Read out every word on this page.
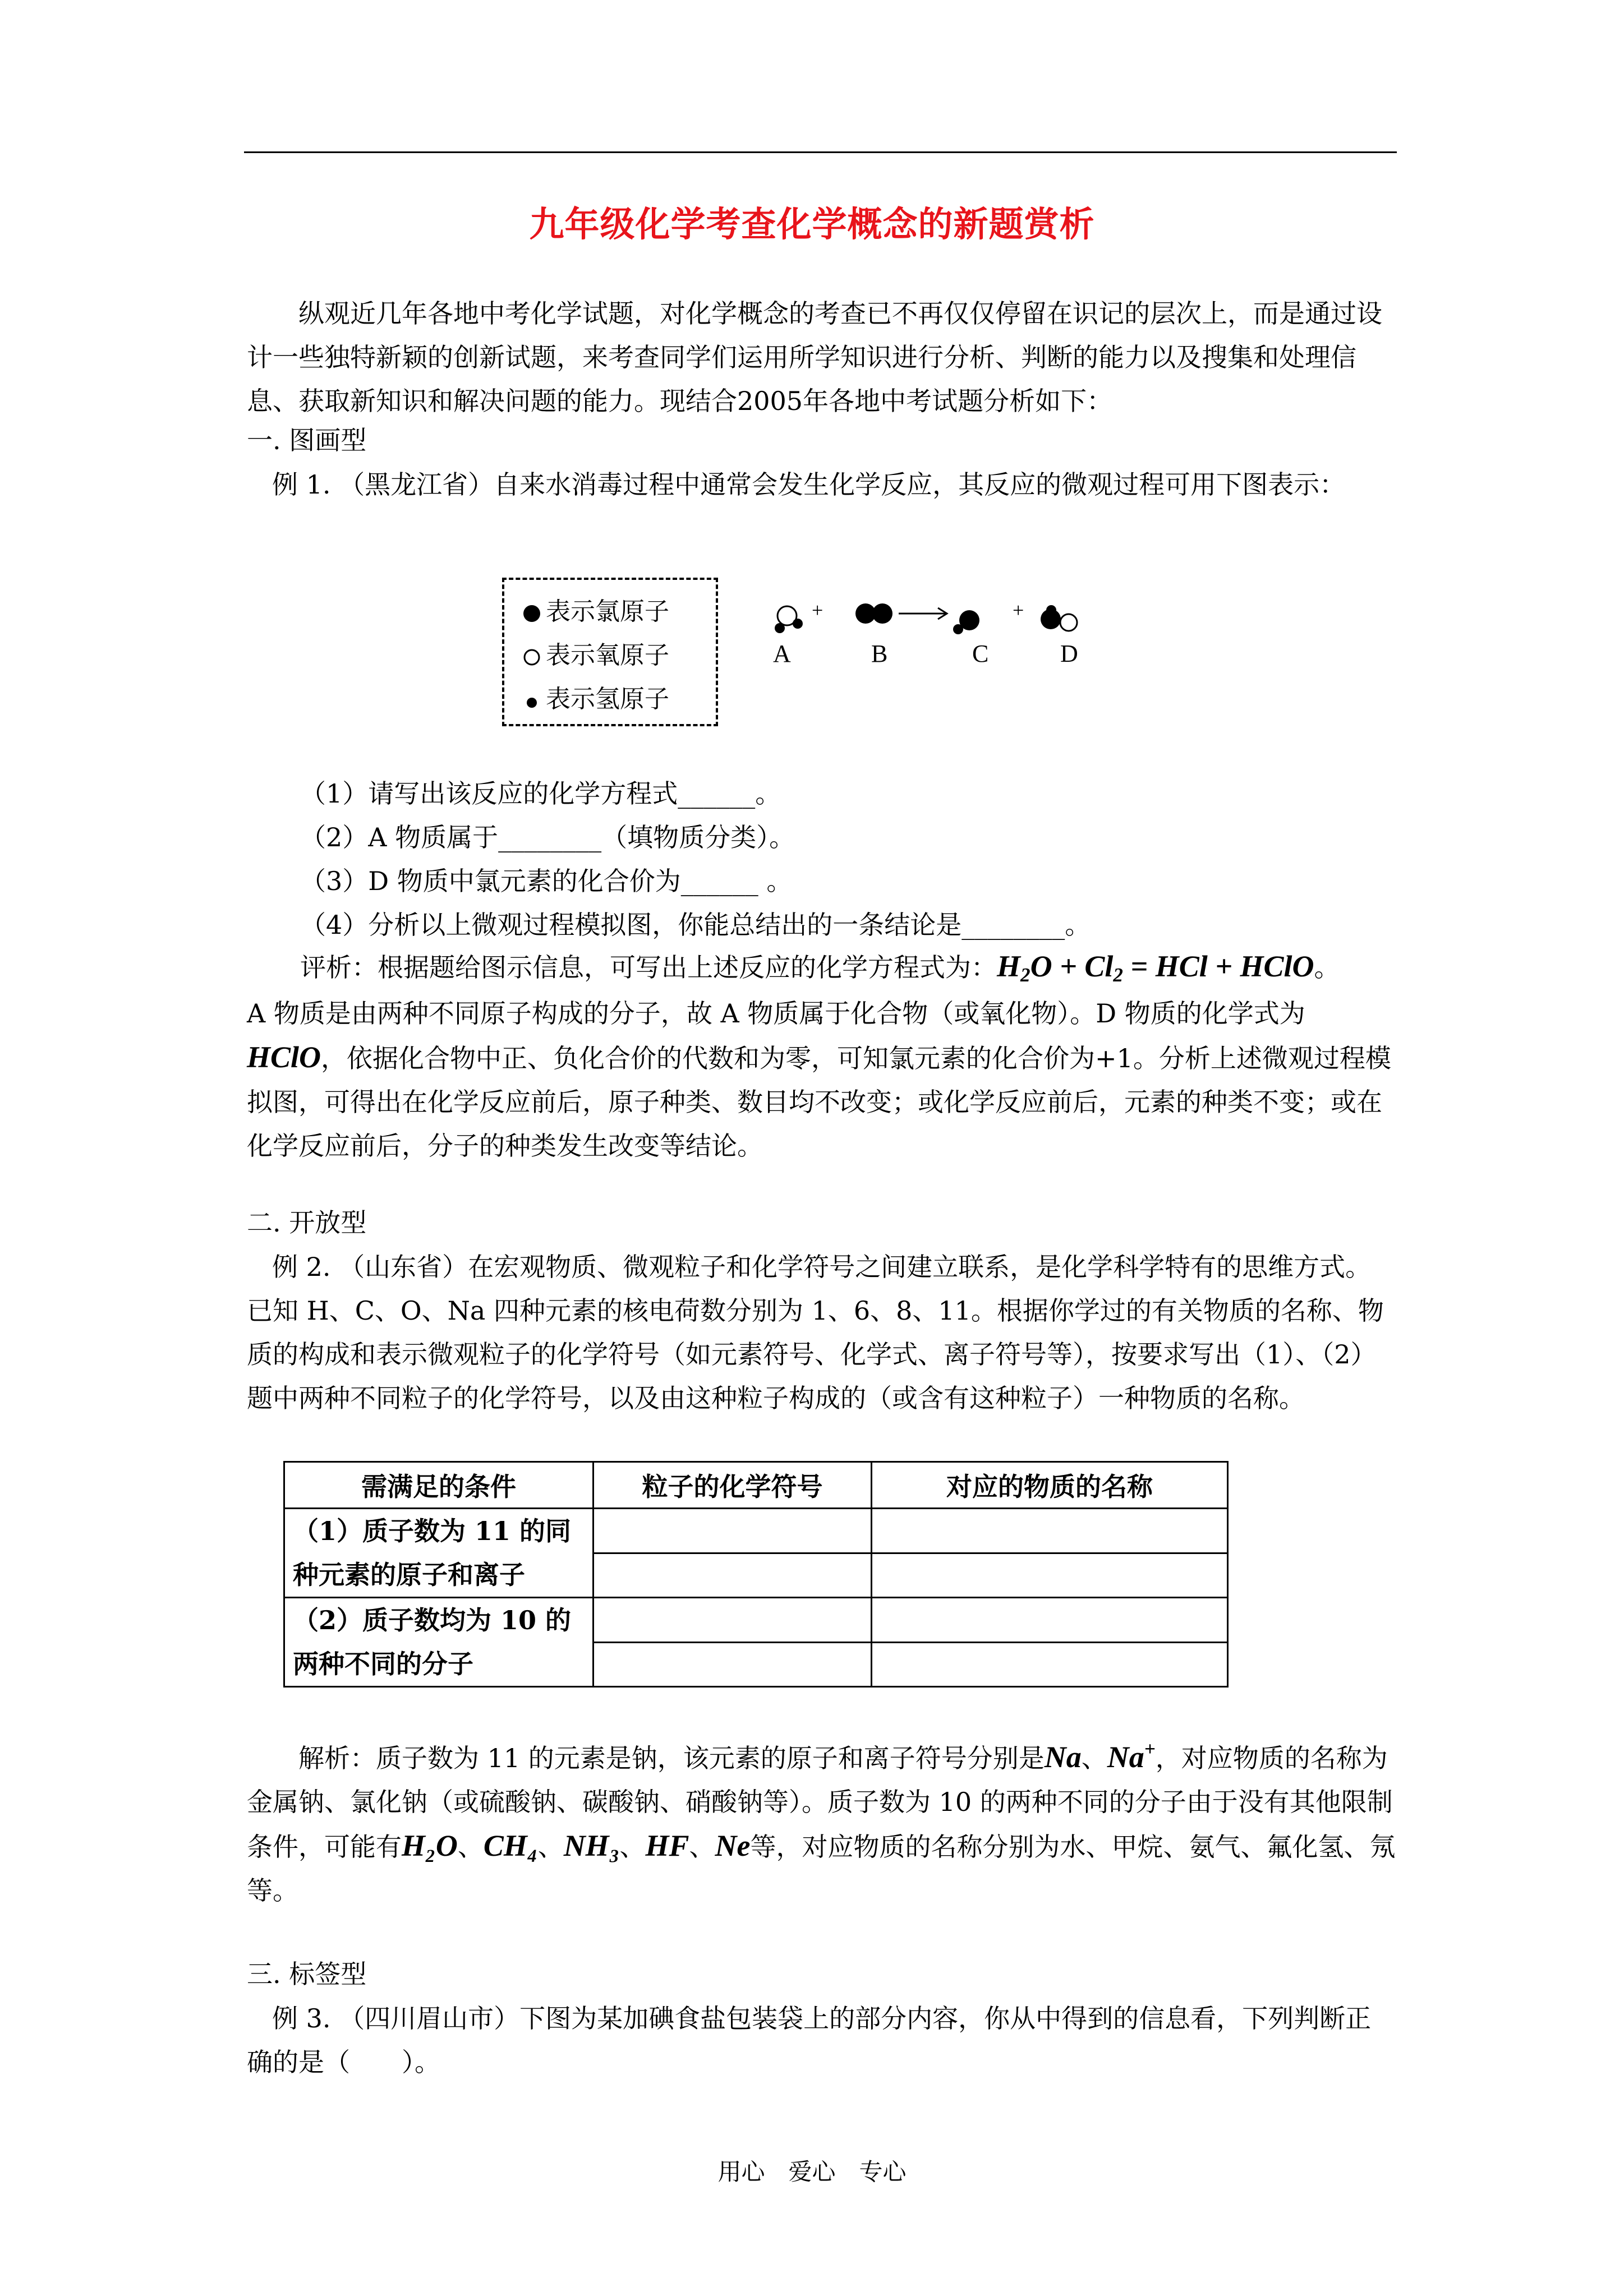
九年级化学考查化学概念的新题赏析
纵观近几年各地中考化学试题，对化学概念的考查已不再仅仅停留在识记的层次上，而是通过设计一些独特新颖的创新试题，来考查同学们运用所学知识进行分析、判断的能力以及搜集和处理信息、获取新知识和解决问题的能力。现结合2005年各地中考试题分析如下：
一. 图画型
例 1. （黑龙江省）自来水消毒过程中通常会发生化学反应，其反应的微观过程可用下图表示：
表示氯原子
表示氧原子
表示氢原子
+	+
A	B	C	D
（1）请写出该反应的化学方程式______。
（2）A 物质属于________（填物质分类）。
（3）D 物质中氯元素的化合价为______ 。
（4）分析以上微观过程模拟图，你能总结出的一条结论是________。
评析：根据题给图示信息，可写出上述反应的化学方程式为：$H_2O + Cl_2$ = HCl + HClO。
A 物质是由两种不同原子构成的分子，故 A 物质属于化合物（或氧化物）。D 物质的化学式为HClO，依据化合物中正、负化合价的代数和为零，可知氯元素的化合价为+1。分析上述微观过程模拟图，可得出在化学反应前后，原子种类、数目均不改变；或化学反应前后，元素的种类不变；或在化学反应前后，分子的种类发生改变等结论。
二. 开放型
例 2. （山东省）在宏观物质、微观粒子和化学符号之间建立联系，是化学科学特有的思维方式。已知 H、C、O、Na 四种元素的核电荷数分别为 1、6、8、11。根据你学过的有关物质的名称、物质的构成和表示微观粒子的化学符号（如元素符号、化学式、离子符号等），按要求写出（1）、（2）题中两种不同粒子的化学符号，以及由这种粒子构成的（或含有这种粒子）一种物质的名称。
需满足的条件	粒子的化学符号	对应的物质的名称
（1）质子数为 11 的同种元素的原子和离子		

（2）质子数均为 10 的两种不同的分子		

解析：质子数为 11 的元素是钠，该元素的原子和离子符号分别是Na、Na+，对应物质的名称为金属钠、氯化钠（或硫酸钠、碳酸钠、硝酸钠等）。质子数为 10 的两种不同的分子由于没有其他限制条件，可能有H₂O、CH₄、NH₃、HF、Ne等，对应物质的名称分别为水、甲烷、氨气、氟化氢、氖等。
三. 标签型
例 3. （四川眉山市）下图为某加碘食盐包装袋上的部分内容，你从中得到的信息看，下列判断正确的是（　　）。
用心　爱心　专心
